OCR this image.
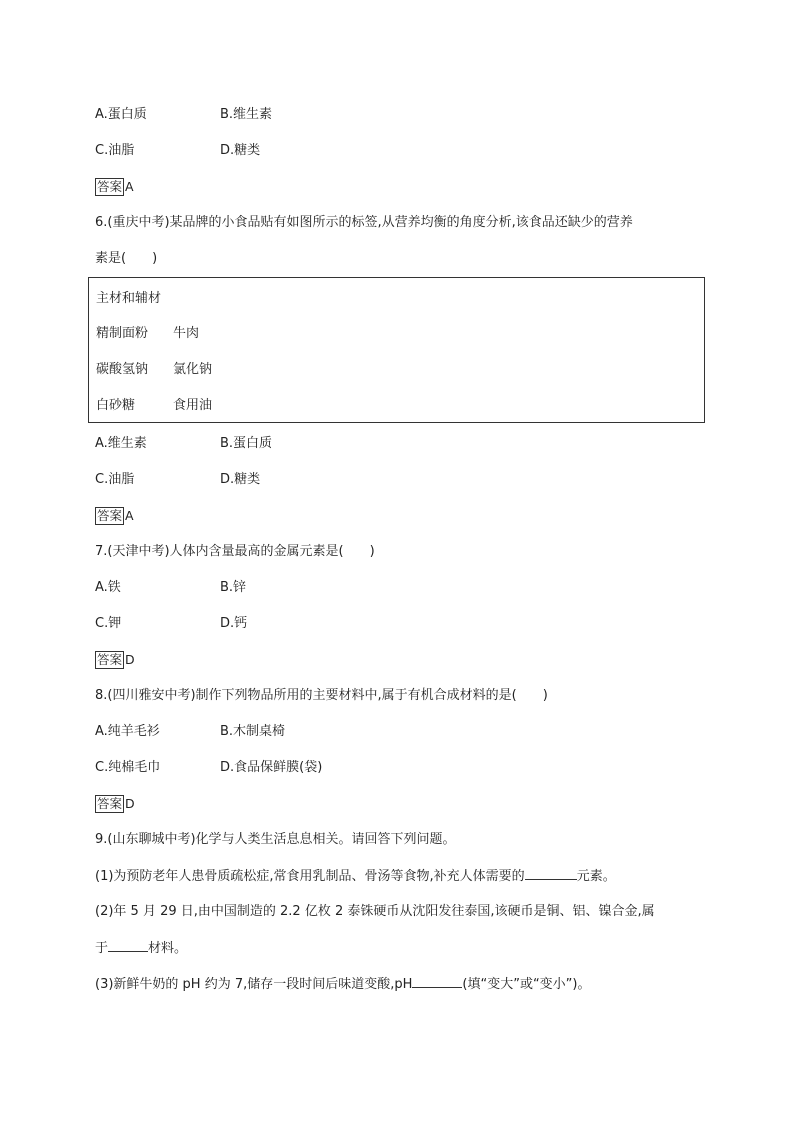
A.蛋白质	B.维生素
C.油脂	D.糖类
答案 A
6.(重庆中考)某品牌的小食品贴有如图所示的标签,从营养均衡的角度分析,该食品还缺少的营养
素是(　　)
主材和辅材
精制面粉 牛肉
碳酸氢钠 氯化钠
白砂糖	食用油
A.维生素	B.蛋白质
C.油脂	D.糖类
答案 A
7.(天津中考)人体内含量最高的金属元素是(　　)
A.铁	B.锌
C.钾	D.钙
答案 D
8.(四川雅安中考)制作下列物品所用的主要材料中,属于有机合成材料的是(　　)
A.纯羊毛衫	B.木制桌椅
C.纯棉毛巾	D.食品保鲜膜(袋)
答案 D
9.(山东聊城中考)化学与人类生活息息相关。请回答下列问题。
(1)为预防老年人患骨质疏松症,常食用乳制品、骨汤等食物,补充人体需要的	元素。
(2)年 5 月 29 日,由中国制造的 2.2 亿枚 2 泰铢硬币从沈阳发往泰国,该硬币是铜、铝、镍合金,属
于	材料。
(3)新鲜牛奶的 pH 约为 7,储存一段时间后味道变酸,pH	(填“变大”或“变小”)。
